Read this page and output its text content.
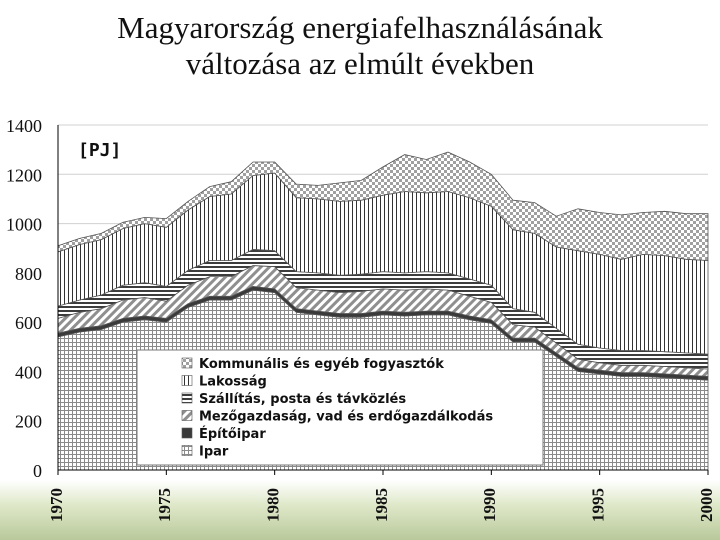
Magyarország energiafelhasználásának
változása az elmúlt években
0
200
400
600
800
1000
1200
1400
1970	1975	1980	1985	1990	1995	2000
[PJ]
Kommunális és egyéb fogyasztók
Lakosság
Szállítás, posta és távközlés
Mezőgazdaság, vad és erdőgazdálkodás
Építőipar
Ipar
